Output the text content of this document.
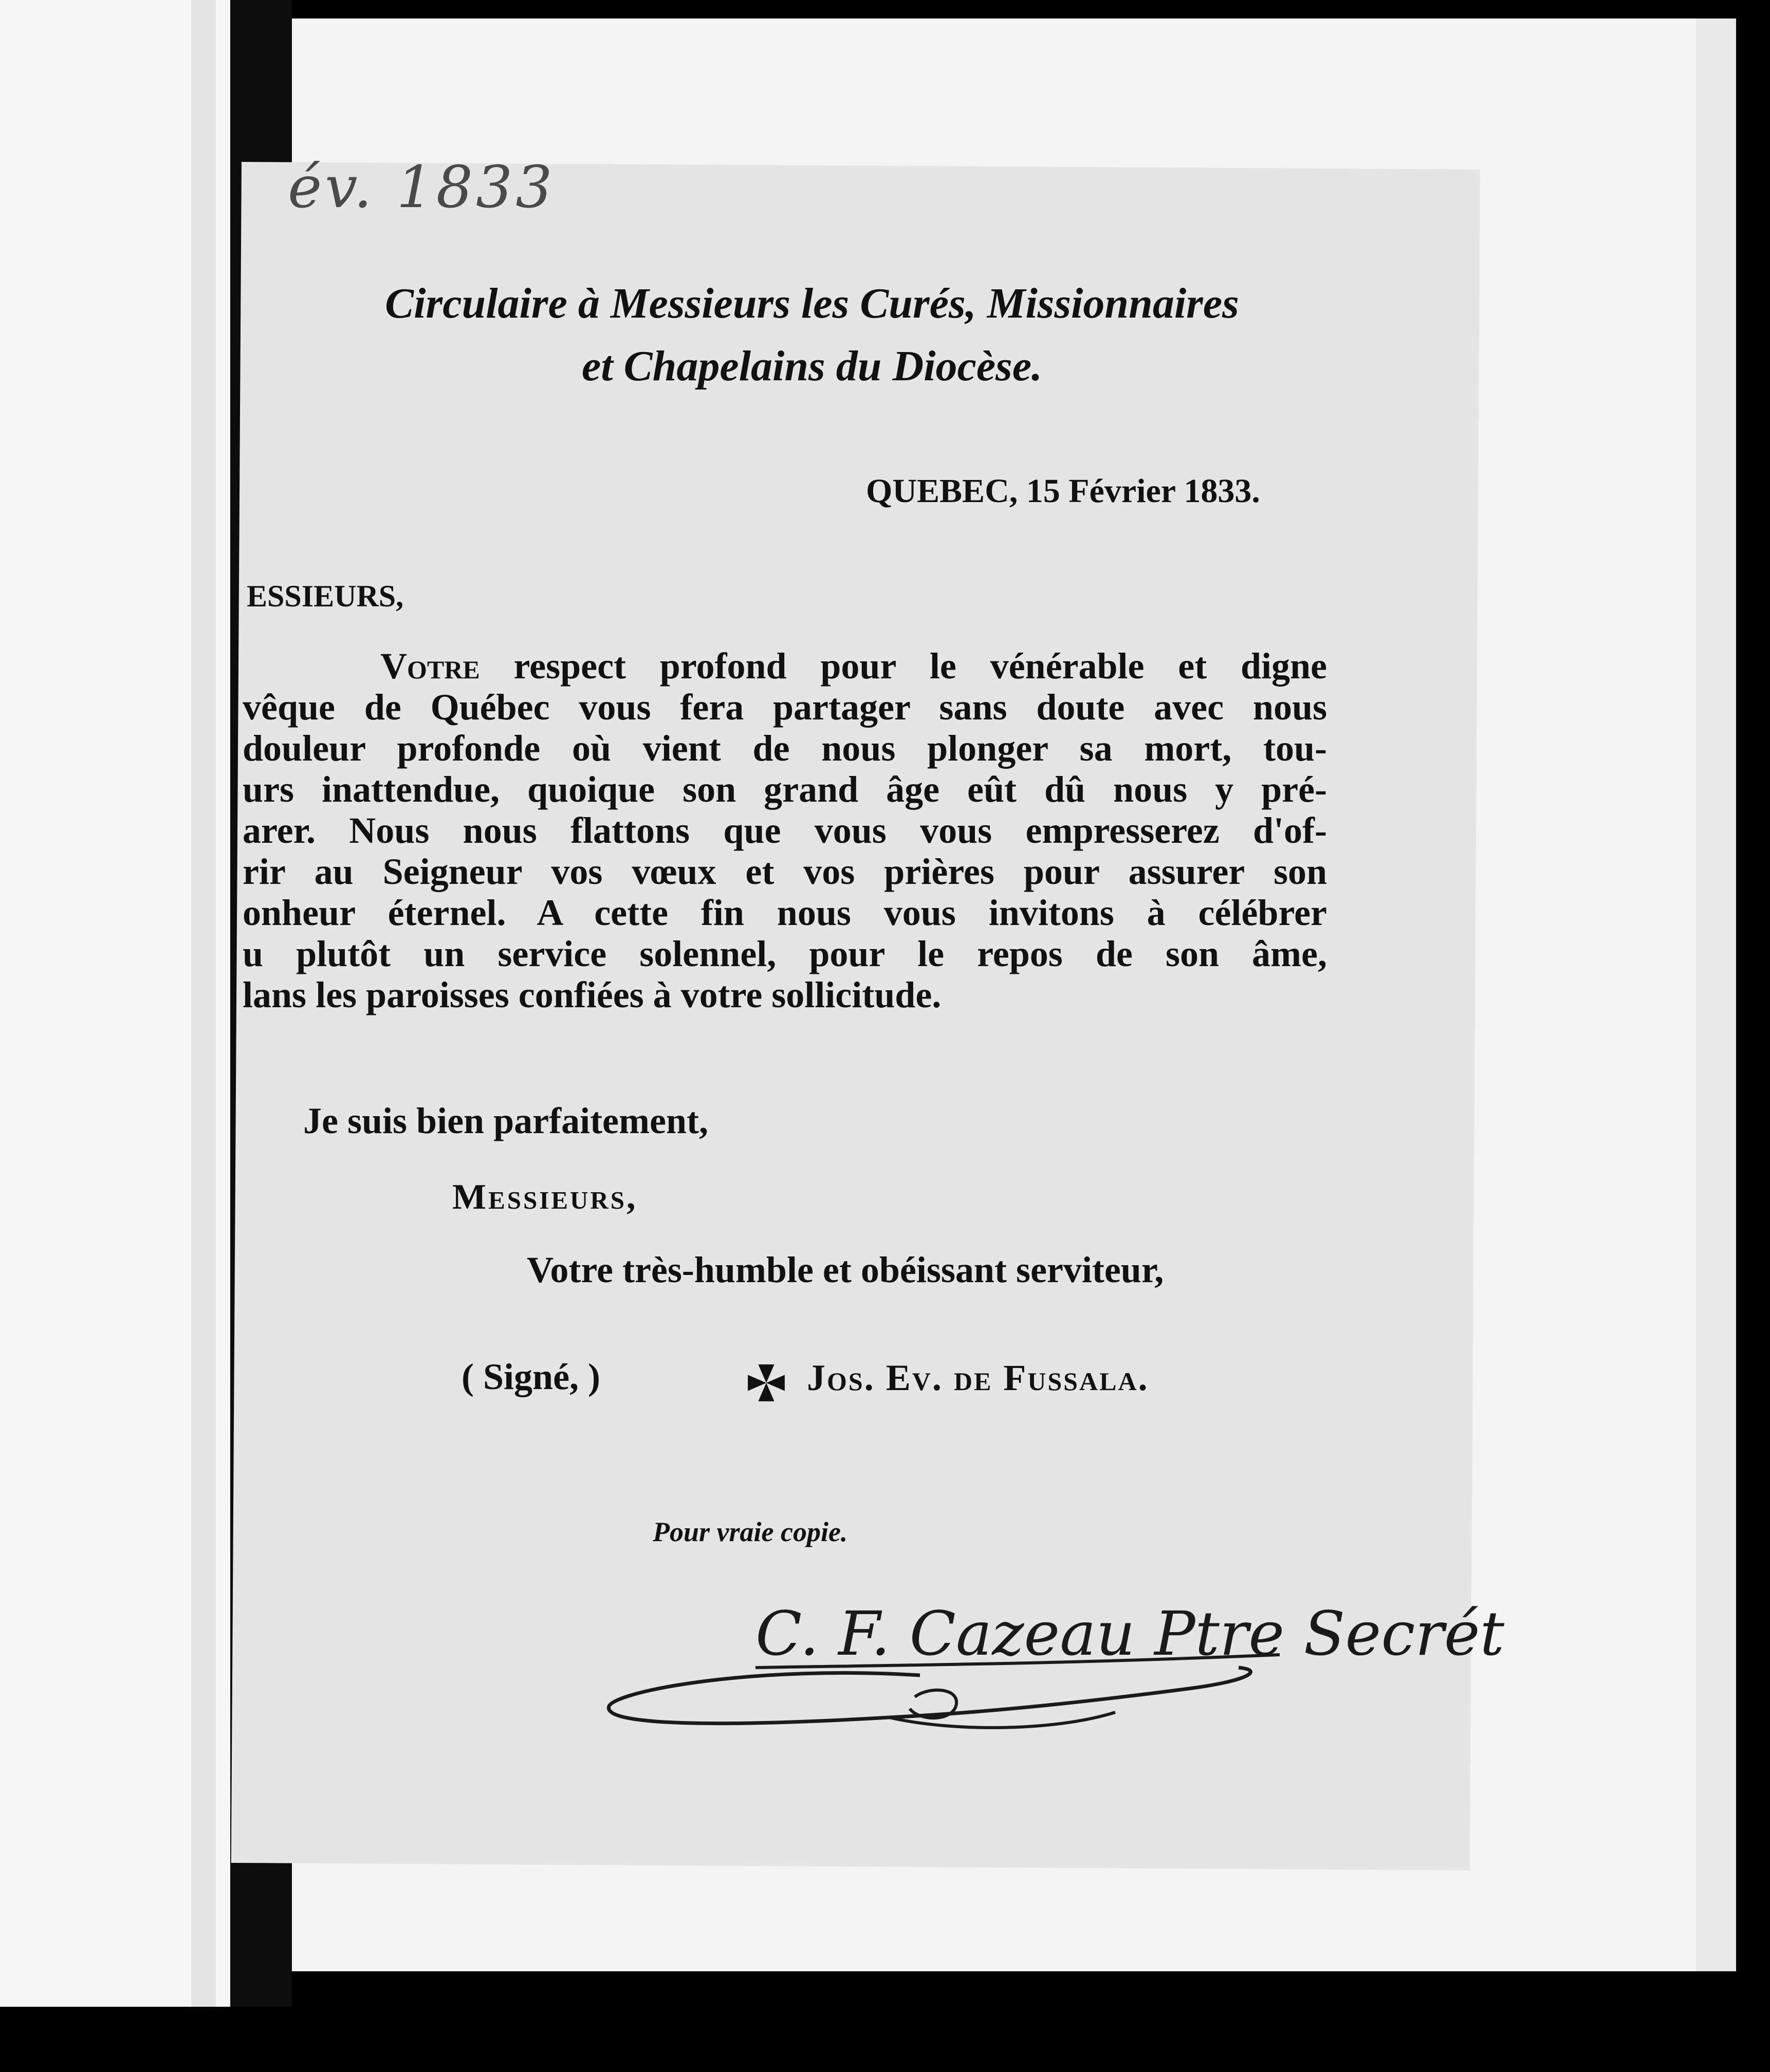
év. 1833
Circulaire à Messieurs les Curés, Missionnaires
et Chapelains du Diocèse.
QUEBEC, 15 Février 1833.
ESSIEURS,
Votre respect profond pour le vénérable et digne
vêque de Québec vous fera partager sans doute avec nous
douleur profonde où vient de nous plonger sa mort, tou-
urs inattendue, quoique son grand âge eût dû nous y pré-
arer. Nous nous flattons que vous vous empresserez d'of-
rir au Seigneur vos vœux et vos prières pour assurer son
onheur éternel. A cette fin nous vous invitons à célébrer
u plutôt un service solennel, pour le repos de son âme,
lans les paroisses confiées à votre sollicitude.
Je suis bien parfaitement,
Messieurs,
Votre très-humble et obéissant serviteur,
( Signé, )	Jos. Ev. de Fussala.
Pour vraie copie.
C. F. Cazeau Ptre Secrét
